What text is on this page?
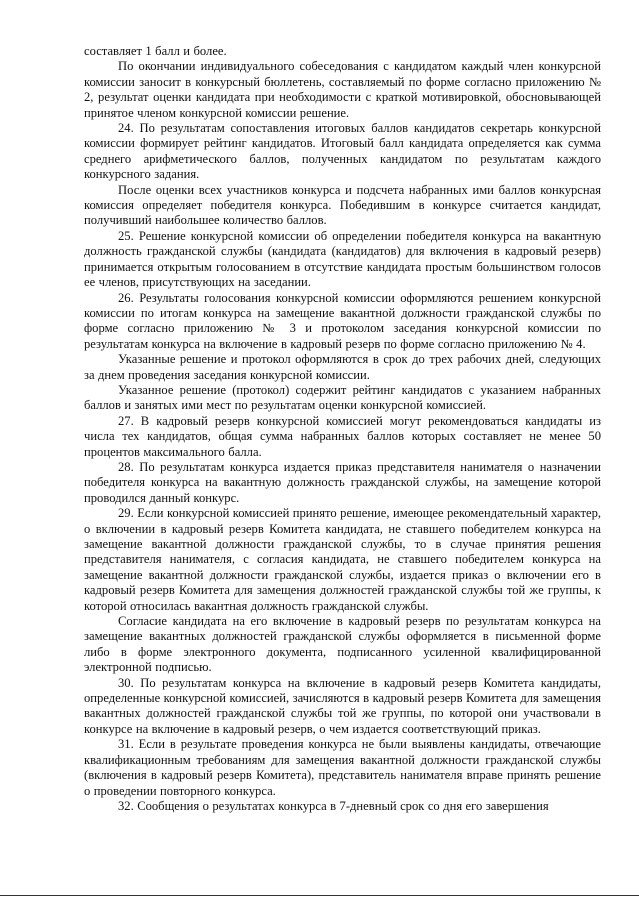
составляет 1 балл и более.

По окончании индивидуального собеседования с кандидатом каждый член конкурсной комиссии заносит в конкурсный бюллетень, составляемый по форме согласно приложению № 2, результат оценки кандидата при необходимости с краткой мотивировкой, обосновывающей принятое членом конкурсной комиссии решение.

24. По результатам сопоставления итоговых баллов кандидатов секретарь конкурсной комиссии формирует рейтинг кандидатов. Итоговый балл кандидата определяется как сумма среднего арифметического баллов, полученных кандидатом по результатам каждого конкурсного задания.

После оценки всех участников конкурса и подсчета набранных ими баллов конкурсная комиссия определяет победителя конкурса. Победившим в конкурсе считается кандидат, получивший наибольшее количество баллов.

25. Решение конкурсной комиссии об определении победителя конкурса на вакантную должность гражданской службы (кандидата (кандидатов) для включения в кадровый резерв) принимается открытым голосованием в отсутствие кандидата простым большинством голосов ее членов, присутствующих на заседании.

26. Результаты голосования конкурсной комиссии оформляются решением конкурсной комиссии по итогам конкурса на замещение вакантной должности гражданской службы по форме согласно приложению № 3 и протоколом заседания конкурсной комиссии по результатам конкурса на включение в кадровый резерв по форме согласно приложению № 4.

Указанные решение и протокол оформляются в срок до трех рабочих дней, следующих за днем проведения заседания конкурсной комиссии.

Указанное решение (протокол) содержит рейтинг кандидатов с указанием набранных баллов и занятых ими мест по результатам оценки конкурсной комиссией.

27. В кадровый резерв конкурсной комиссией могут рекомендоваться кандидаты из числа тех кандидатов, общая сумма набранных баллов которых составляет не менее 50 процентов максимального балла.

28. По результатам конкурса издается приказ представителя нанимателя о назначении победителя конкурса на вакантную должность гражданской службы, на замещение которой проводился данный конкурс.

29. Если конкурсной комиссией принято решение, имеющее рекомендательный характер, о включении в кадровый резерв Комитета кандидата, не ставшего победителем конкурса на замещение вакантной должности гражданской службы, то в случае принятия решения представителя нанимателя, с согласия кандидата, не ставшего победителем конкурса на замещение вакантной должности гражданской службы, издается приказ о включении его в кадровый резерв Комитета для замещения должностей гражданской службы той же группы, к которой относилась вакантная должность гражданской службы.

Согласие кандидата на его включение в кадровый резерв по результатам конкурса на замещение вакантных должностей гражданской службы оформляется в письменной форме либо в форме электронного документа, подписанного усиленной квалифицированной электронной подписью.

30. По результатам конкурса на включение в кадровый резерв Комитета кандидаты, определенные конкурсной комиссией, зачисляются в кадровый резерв Комитета для замещения вакантных должностей гражданской службы той же группы, по которой они участвовали в конкурсе на включение в кадровый резерв, о чем издается соответствующий приказ.

31. Если в результате проведения конкурса не были выявлены кандидаты, отвечающие квалификационным требованиям для замещения вакантной должности гражданской службы (включения в кадровый резерв Комитета), представитель нанимателя вправе принять решение о проведении повторного конкурса.

32. Сообщения о результатах конкурса в 7-дневный срок со дня его завершения
